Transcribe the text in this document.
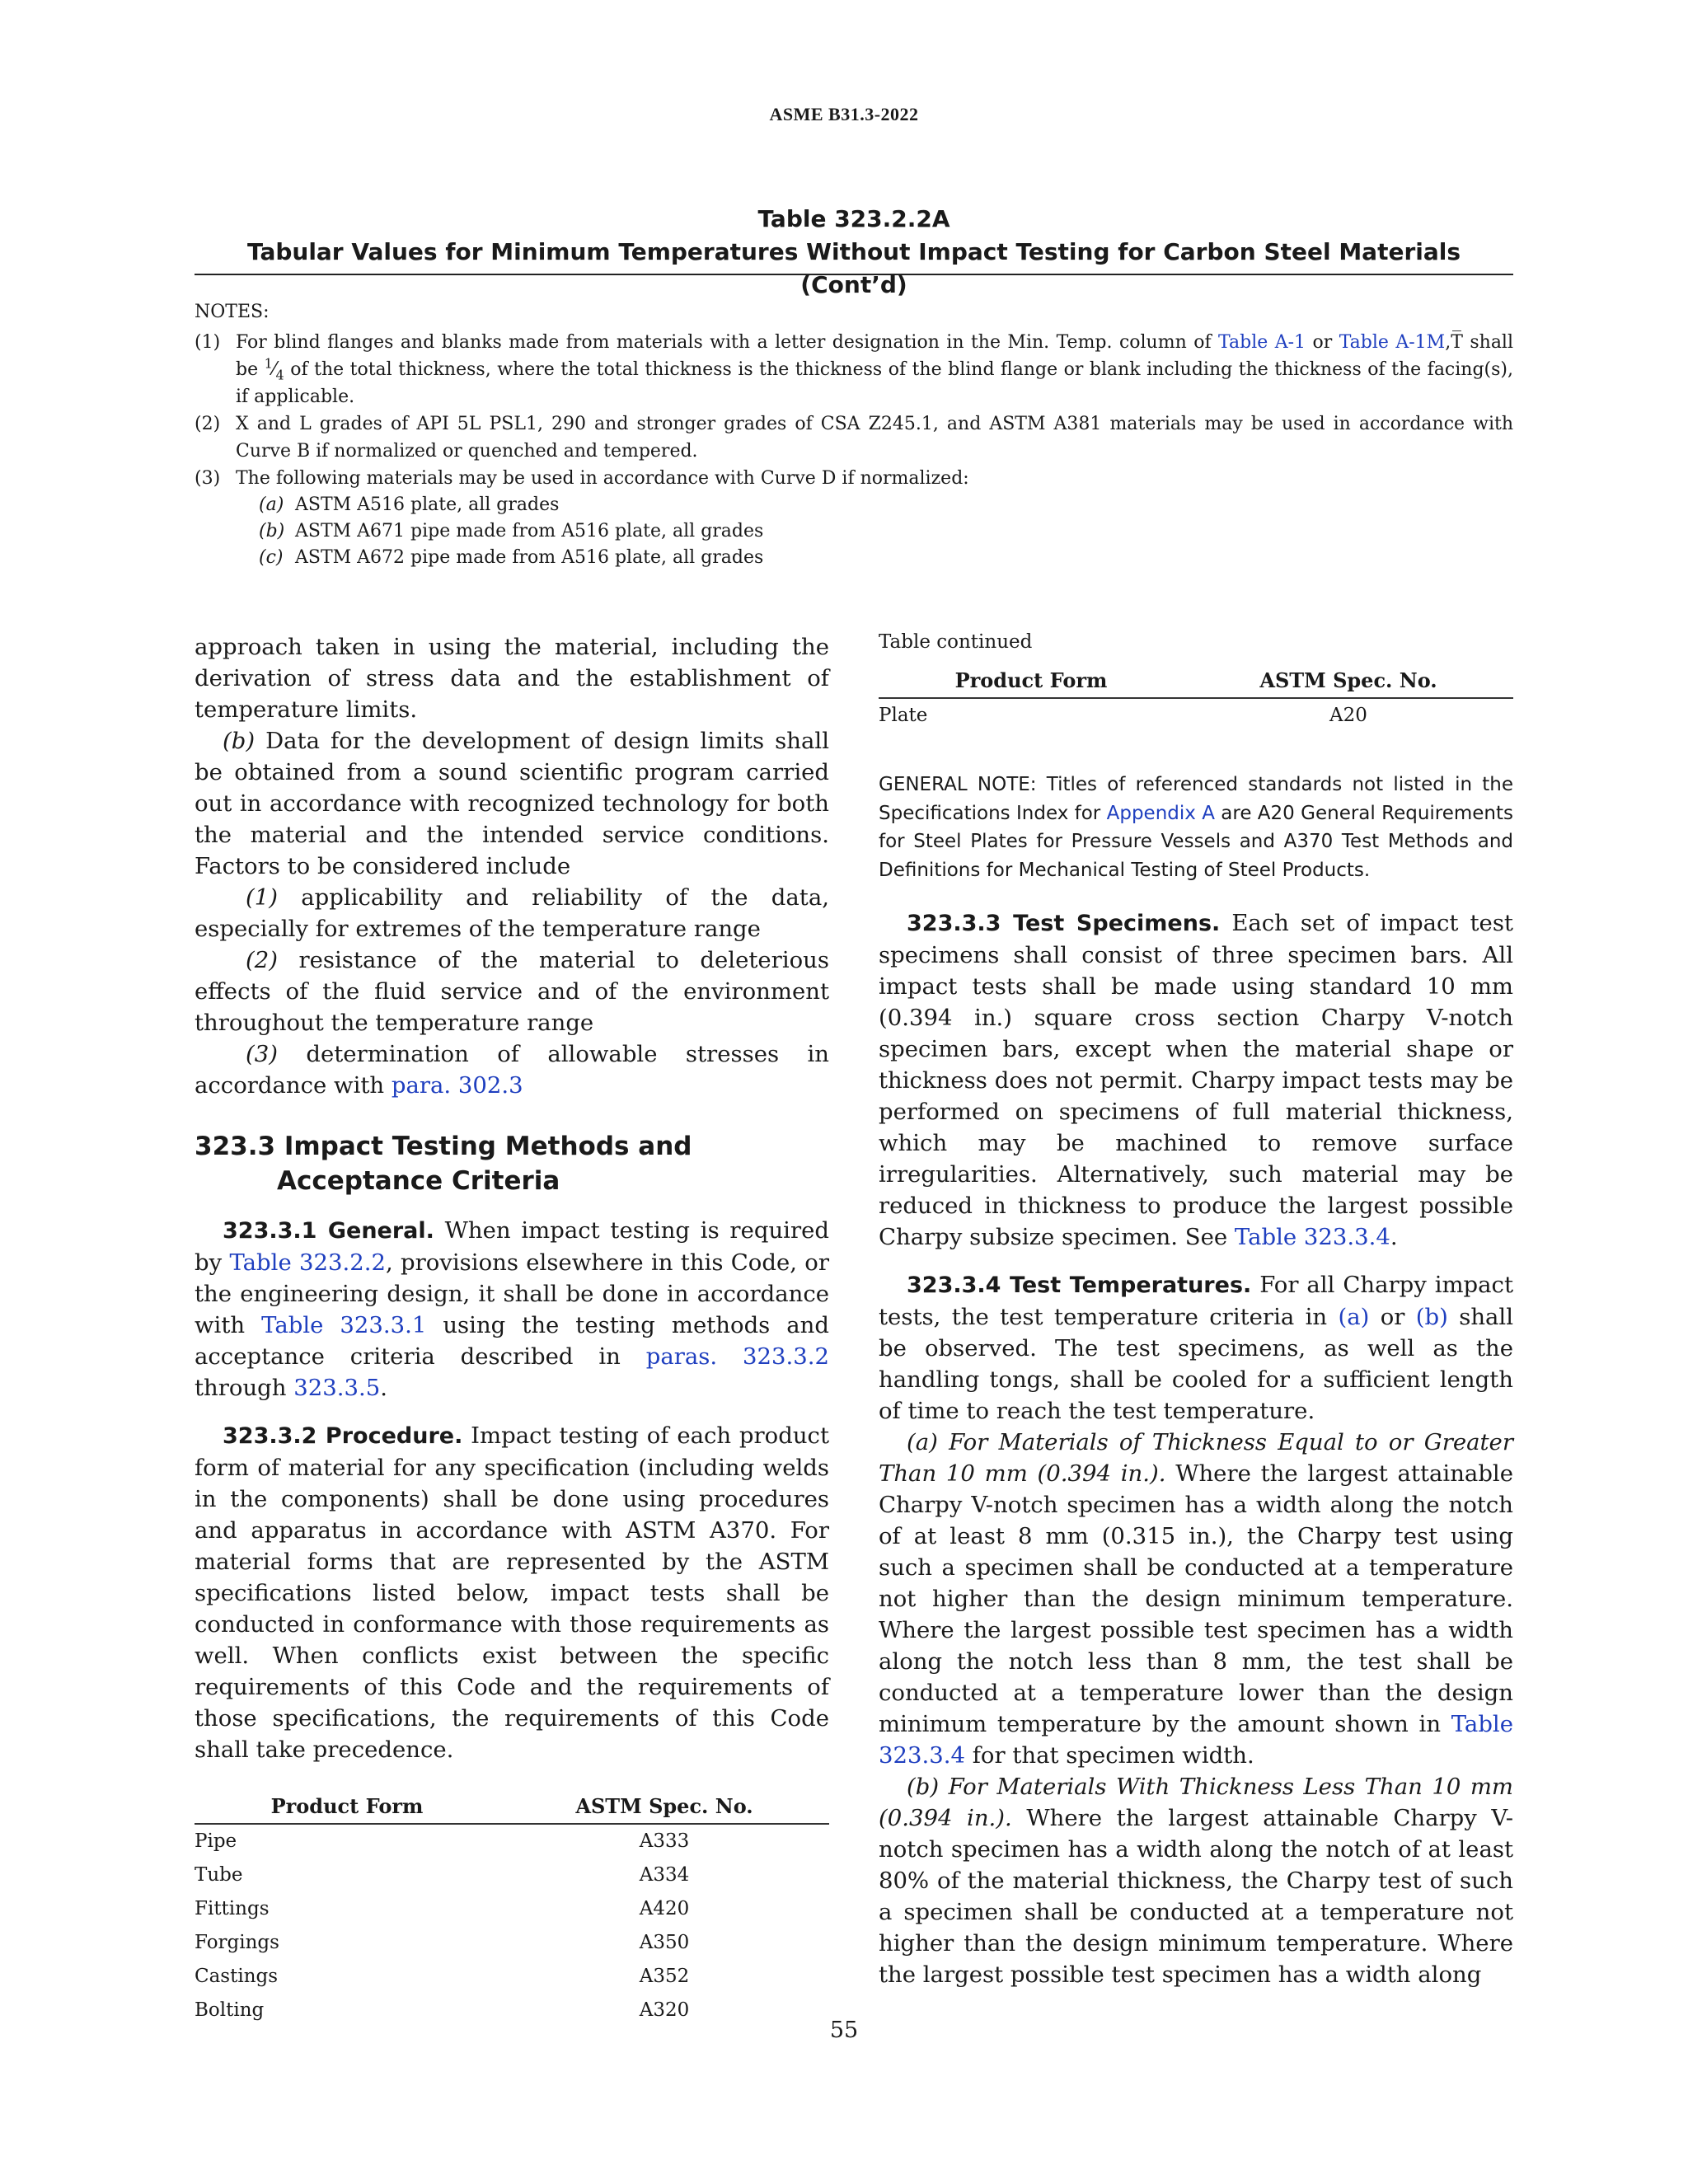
ASME B31.3-2022
Table 323.2.2A
Tabular Values for Minimum Temperatures Without Impact Testing for Carbon Steel Materials (Cont’d)
NOTES:
(1) For blind flanges and blanks made from materials with a letter designation in the Min. Temp. column of Table A-1 or Table A-1M,T̅ shall be $^1⁄_4$ of the total thickness, where the total thickness is the thickness of the blind flange or blank including the thickness of the facing(s), if applicable.
(2) X and L grades of API 5L PSL1, 290 and stronger grades of CSA Z245.1, and ASTM A381 materials may be used in accordance with Curve B if normalized or quenched and tempered.
(3) The following materials may be used in accordance with Curve D if normalized:
(a) ASTM A516 plate, all grades
(b) ASTM A671 pipe made from A516 plate, all grades
(c) ASTM A672 pipe made from A516 plate, all grades

approach taken in using the material, including the derivation of stress data and the establishment of temperature limits.

(b) Data for the development of design limits shall be obtained from a sound scientific program carried out in accordance with recognized technology for both the material and the intended service conditions. Factors to be considered include

(1) applicability and reliability of the data, especially for extremes of the temperature range

(2) resistance of the material to deleterious effects of the fluid service and of the environment throughout the temperature range

(3) determination of allowable stresses in accordance with para. 302.3

323.3 Impact Testing Methods and Acceptance Criteria

323.3.1 General. When impact testing is required by Table 323.2.2, provisions elsewhere in this Code, or the engineering design, it shall be done in accordance with Table 323.3.1 using the testing methods and acceptance criteria described in paras. 323.3.2 through 323.3.5.

323.3.2 Procedure. Impact testing of each product form of material for any specification (including welds in the components) shall be done using procedures and apparatus in accordance with ASTM A370. For material forms that are represented by the ASTM specifications listed below, impact tests shall be conducted in conformance with those requirements as well. When conflicts exist between the specific requirements of this Code and the requirements of those specifications, the requirements of this Code shall take precedence.

Product Form	ASTM Spec. No.
Pipe	A333
Tube	A334
Fittings	A420
Forgings	A350
Castings	A352
Bolting	A320
Table continued
Product Form	ASTM Spec. No.
Plate	A20

GENERAL NOTE: Titles of referenced standards not listed in the Specifications Index for Appendix A are A20 General Requirements for Steel Plates for Pressure Vessels and A370 Test Methods and Definitions for Mechanical Testing of Steel Products.

323.3.3 Test Specimens. Each set of impact test specimens shall consist of three specimen bars. All impact tests shall be made using standard 10 mm (0.394 in.) square cross section Charpy V-notch specimen bars, except when the material shape or thickness does not permit. Charpy impact tests may be performed on specimens of full material thickness, which may be machined to remove surface irregularities. Alternatively, such material may be reduced in thickness to produce the largest possible Charpy subsize specimen. See Table 323.3.4.

323.3.4 Test Temperatures. For all Charpy impact tests, the test temperature criteria in (a) or (b) shall be observed. The test specimens, as well as the handling tongs, shall be cooled for a sufficient length of time to reach the test temperature.

(a) For Materials of Thickness Equal to or Greater Than 10 mm (0.394 in.). Where the largest attainable Charpy V-notch specimen has a width along the notch of at least 8 mm (0.315 in.), the Charpy test using such a specimen shall be conducted at a temperature not higher than the design minimum temperature. Where the largest possible test specimen has a width along the notch less than 8 mm, the test shall be conducted at a temperature lower than the design minimum temperature by the amount shown in Table 323.3.4 for that specimen width.

(b) For Materials With Thickness Less Than 10 mm (0.394 in.). Where the largest attainable Charpy V-notch specimen has a width along the notch of at least 80% of the material thickness, the Charpy test of such a specimen shall be conducted at a temperature not higher than the design minimum temperature. Where the largest possible test specimen has a width along

55
